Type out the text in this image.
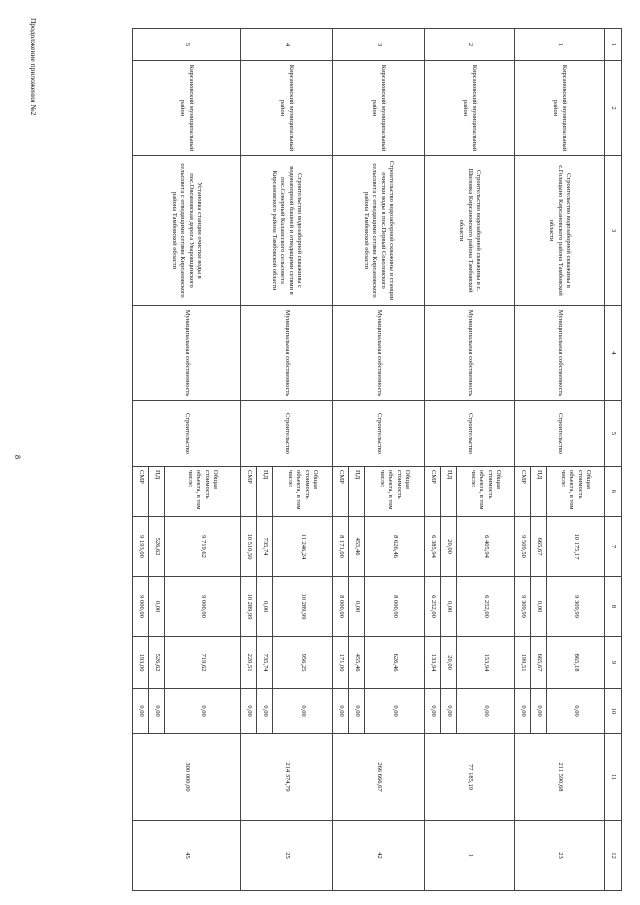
8
Продолжение приложения №2	1	2	3	4	5	6	7	8	9	10	11	12
1	Кирсановский муниципальный район	Строительство водозаборной скважины в с.Голицыно Кирсановского района Тамбовской области	Муниципальная собственность	Строительство	Общая стоимость объекта, в том числе:	10 175,17	9 309,99	865,18	0,00	211 590,68	23
					ПД	665,67	0,00	665,67	0,00		
					СМР	9 509,50	9 309,99	199,51	0,00		
2	Кирсановский муниципальный район	Строительство водозаборной скважины в с. Шиловка Кирсановского района Тамбовской области	Муниципальная собственность	Строительство	Общая стоимость объекта, в том числе:	6 405,94	6 252,00	153,94	0,00	77 185,19	1
					ПД	20,00	0,00	20,00	0,00		
					СМР	6 385,94	6 252,00	133,94	0,00		
3	Кирсановский муниципальный район	Строительство водозаборной скважины и станции очистки воды в пос.Первый Соколовского сельсовета с отводящими сетями Кирсановского района Тамбовской области	Муниципальная собственность	Строительство	Общая стоимость объекта, в том числе:	8 626,46	8 000,00	626,46	0,00	266 666,67	42
					ПД	455,46	0,00	455,46	0,00		
					СМР	8 171,00	8 000,00	171,00	0,00		
4	Кирсановский муниципальный район	Строительство водозаборной скважины с водонапорной башней и отводящими сетями в пос.Северный Калаисского сельсовета Кирсановского района Тамбовской области	Муниципальная собственность	Строительство	Общая стоимость объекта, в том числе:	11 246,24	10 289,99	956,25	0,00	214 374,79	25
					ПД	735,74	0,00	735,74	0,00		
					СМР	10 510,50	10 289,99	220,51	0,00		
5	Кирсановский муниципальный район	Установка станции очистки воды в пос.Овсяновская дорога Уваровщинского сельсовета с отводящими сетями Кирсановского района Тамбовской области	Муниципальная собственность	Строительство	Общая стоимость объекта, в том числе:	9 719,62	9 000,00	719,62	0,00	300 000,00	45
					ПД	526,62	0,00	526,62	0,00		
					СМР	9 193,00	9 000,00	193,00	0,00		
